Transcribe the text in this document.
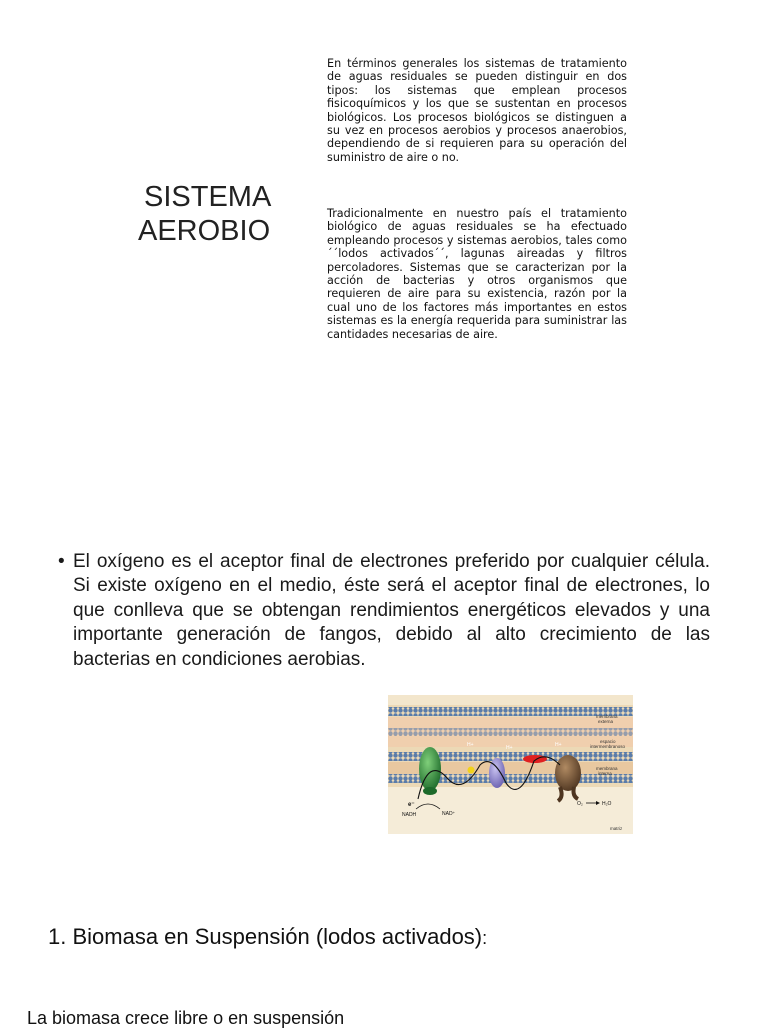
SISTEMA
AEROBIO

En términos generales los sistemas de tratamiento de aguas residuales se pueden distinguir en dos tipos: los sistemas que emplean procesos fisicoquímicos y los que se sustentan en procesos biológicos. Los procesos biológicos se distinguen a su vez en procesos aerobios y procesos anaerobios, dependiendo de si requieren para su operación del suministro de aire o no.

Tradicionalmente en nuestro país el tratamiento biológico de aguas residuales se ha efectuado empleando procesos y sistemas aerobios, tales como ´´lodos activados´´, lagunas aireadas y filtros percoladores. Sistemas que se caracterizan por la acción de bacterias y otros organismos que requieren de aire para su existencia, razón por la cual uno de los factores más importantes en estos sistemas es la energía requerida para suministrar las cantidades necesarias de aire.

• El oxígeno es el aceptor final de electrones preferido por cualquier célula. Si existe oxígeno en el medio, éste será el aceptor final de electrones, lo que conlleva que se obtengan rendimientos energéticos elevados y una importante generación de fangos, debido al alto crecimiento de las bacterias en condiciones aerobias.

membrana
externa
espacio
intermembranoso
membrana
interna
matriz
H+	H+	H+
e⁻
NADH	NAD⁺
O₂	H₂O
1. Biomasa en Suspensión (lodos activados):
La biomasa crece libre o en suspensión
